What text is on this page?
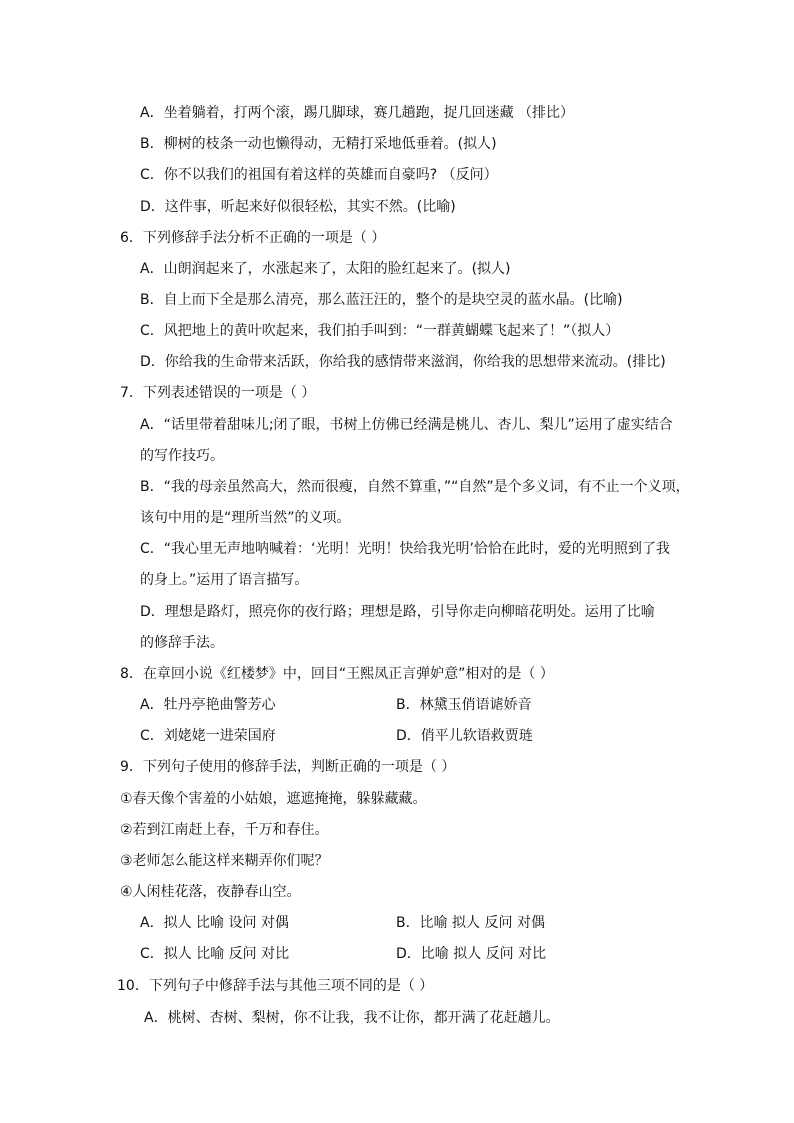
A．坐着躺着，打两个滚，踢几脚球，赛几趟跑，捉几回迷藏 （排比）
B．柳树的枝条一动也懒得动，无精打采地低垂着。(拟人)
C．你不以我们的祖国有着这样的英雄而自豪吗? （反问）
D．这件事，听起来好似很轻松，其实不然。(比喻)
6．下列修辞手法分析不正确的一项是（ ）
A．山朗润起来了，水涨起来了，太阳的脸红起来了。(拟人)
B．自上而下全是那么清亮，那么蓝汪汪的，整个的是块空灵的蓝水晶。(比喻)
C．风把地上的黄叶吹起来，我们拍手叫到：“一群黄蝴蝶飞起来了！”（拟人）
D．你给我的生命带来活跃，你给我的感情带来滋润，你给我的思想带来流动。(排比)
7．下列表述错误的一项是（ ）
A．“话里带着甜味儿;闭了眼，书树上仿佛已经满是桃儿、杏儿、梨儿”运用了虚实结合
的写作技巧。
B．“我的母亲虽然高大，然而很瘦，自然不算重，”“自然”是个多义词，有不止一个义项，
该句中用的是“理所当然”的义项。
C．“我心里无声地呐喊着：‘光明！光明！快给我光明’恰恰在此时，爱的光明照到了我
的身上。”运用了语言描写。
D．理想是路灯，照亮你的夜行路；理想是路，引导你走向柳暗花明处。运用了比喻
的修辞手法。
8．在章回小说《红楼梦》中，回目“王熙凤正言弹妒意”相对的是（ ）
A．牡丹亭艳曲警芳心	B．林黛玉俏语谑娇音
C．刘姥姥一进荣国府	D．俏平儿软语救贾琏
9．下列句子使用的修辞手法，判断正确的一项是（ ）
①春天像个害羞的小姑娘，遮遮掩掩，躲躲藏藏。
②若到江南赶上春，千万和春住。
③老师怎么能这样来糊弄你们呢？
④人闲桂花落，夜静春山空。
A．拟人 比喻 设问 对偶	B．比喻 拟人 反问 对偶
C．拟人 比喻 反问 对比	D．比喻 拟人 反问 对比
10．下列句子中修辞手法与其他三项不同的是（ ）
A．桃树、杏树、梨树，你不让我，我不让你，都开满了花赶趟儿。
